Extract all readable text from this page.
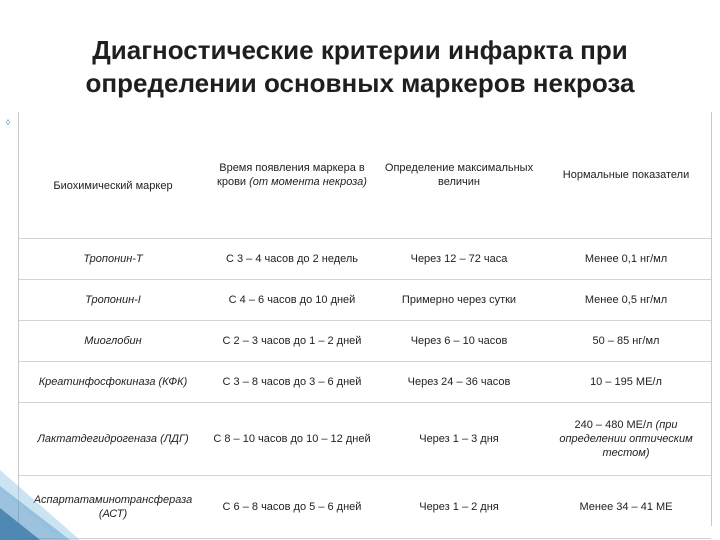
Диагностические критерии инфаркта при
определении основных маркеров некроза
◊
Биохимический маркер	Время появления маркера в крови (от момента некроза)	Определение максимальных величин	Нормальные показатели
Тропонин-Т	С 3 – 4 часов до 2 недель	Через 12 – 72 часа	Менее 0,1 нг/мл
Тропонин-I	С 4 – 6 часов до 10 дней	Примерно через сутки	Менее 0,5 нг/мл
Миоглобин	С 2 – 3 часов до 1 – 2 дней	Через 6 – 10 часов	50 – 85 нг/мл
Креатинфосфокиназа (КФК)	С 3 – 8 часов до 3 – 6 дней	Через 24 – 36 часов	10 – 195 МЕ/л
Лактатдегидрогеназа (ЛДГ)	С 8 – 10 часов до 10 – 12 дней	Через 1 – 3 дня	240 – 480 МЕ/л (при определении оптическим тестом)
Аспартатаминотрансфераза (АСТ)	С 6 – 8 часов до 5 – 6 дней	Через 1 – 2 дня	Менее 34 – 41 МЕ
